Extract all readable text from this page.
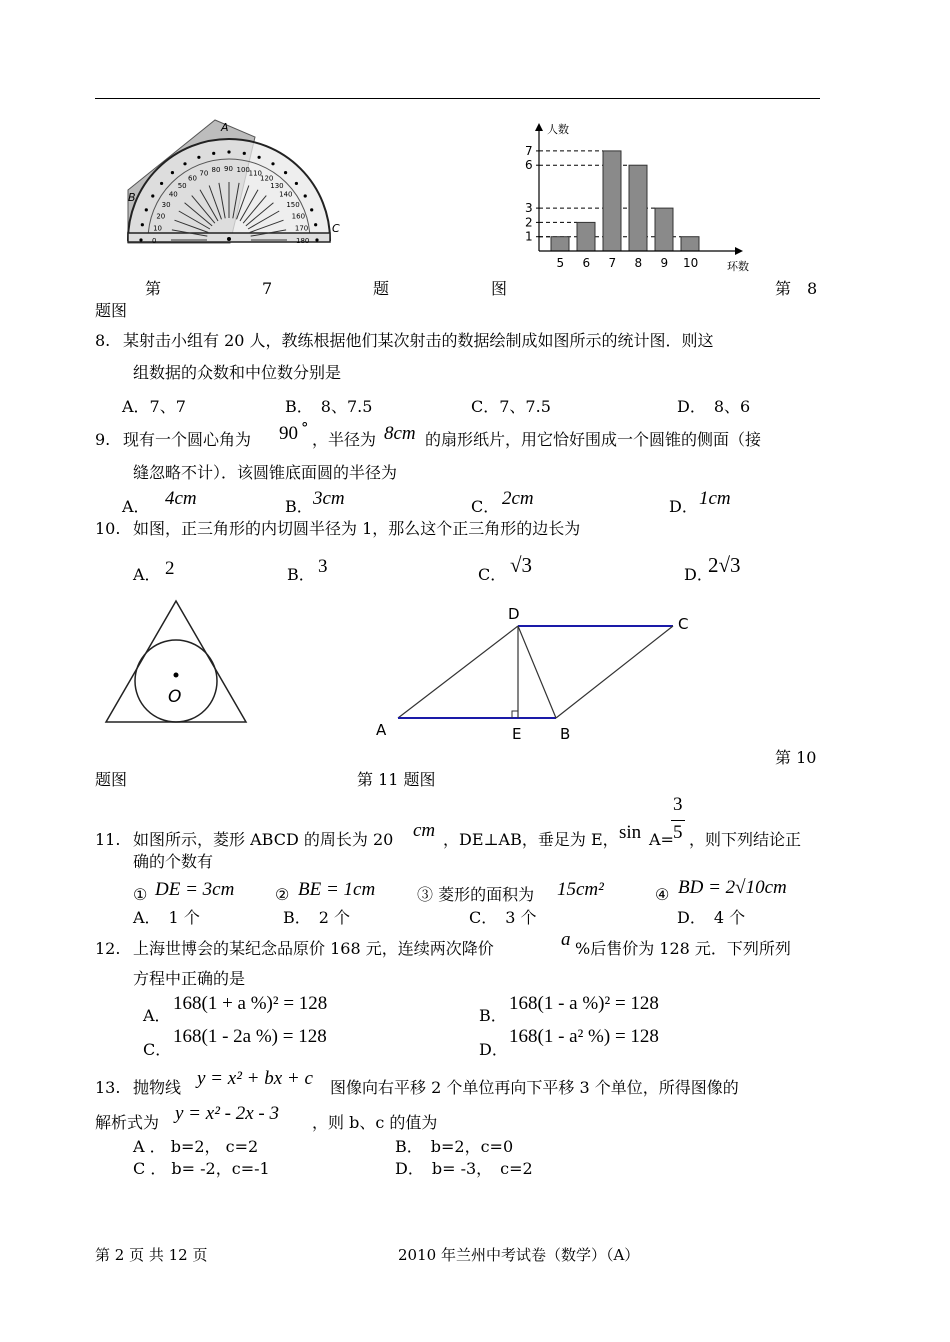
0
10
20
30
40
50
60
70 80 90 100
110
120
130
140
150
160
170
180
A
B
C
1
2
3
6
7
5 6 7 8 9 10
人数
环数
第	7	题	图	第　8
题图
8. 某射击小组有 20 人，教练根据他们某次射击的数据绘制成如图所示的统计图．则这
组数据的众数和中位数分别是
A．7、7	B．　8、7.5	C．7、7.5	D．　8、6
9. 现有一个圆心角为 90 °
，半径为 8cm 的扇形纸片，用它恰好围成一个圆锥的侧面（接
缝忽略不计）．该圆锥底面圆的半径为
A． 4cm	B． 3cm	C． 2cm	D． 1cm
10. 如图，正三角形的内切圆半径为 1，那么这个正三角形的边长为
A． 2	B． 3	C． √3	D．
2√3
O
D
C
A	E	B
第 10
题图	第 11 题图
11. 如图所示，菱形 ABCD 的周长为 20 cm ，DE⊥AB，垂足为 E， sin A=
3
5 ，则下列结论正
确的个数有
① DE = 3cm	② BE = 1cm	③ 菱形的面积为 15cm²	④ BD = 2√10cm
A．　1 个	B．　2 个	C．　3 个	D．　4 个
12. 上海世博会的某纪念品原价 168 元，连续两次降价	a %后售价为 128 元．下列所列
方程中正确的是
A．
168(1 + a %)² = 128
B．
168(1 - a %)² = 128
C．
168(1 - 2a %) = 128
D．
168(1 - a² %) = 128
13. 抛物线 y = x² + bx + c 图像向右平移 2 个单位再向下平移 3 个单位，所得图像的
解析式为 y = x² - 2x - 3 ，则 b、c 的值为
A ． b=2， c=2	B．　b=2，c=0
C ． b= -2，c=-1	D．　b= -3，　c=2
第 2 页 共 12 页	2010 年兰州中考试卷（数学）（A）
